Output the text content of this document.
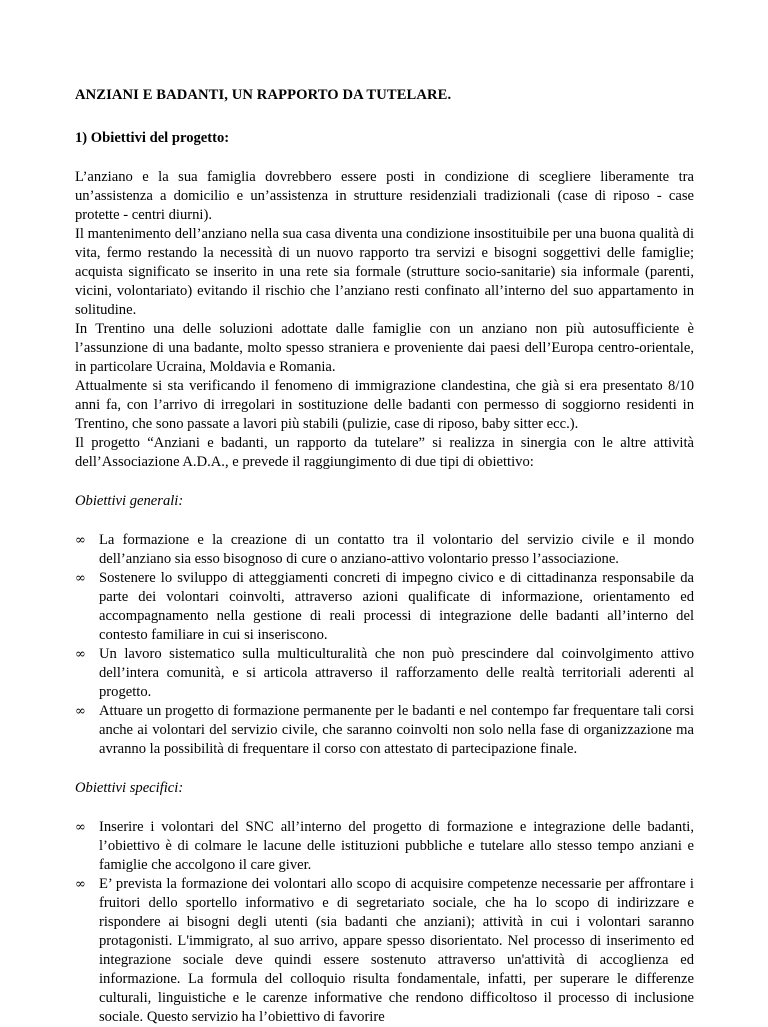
ANZIANI E BADANTI, UN RAPPORTO DA TUTELARE.

1) Obiettivi del progetto:

L’anziano e la sua famiglia dovrebbero essere posti in condizione di scegliere liberamente tra un’assistenza a domicilio e un’assistenza in strutture residenziali tradizionali (case di riposo - case protette - centri diurni).

Il mantenimento dell’anziano nella sua casa diventa una condizione insostituibile per una buona qualità di vita, fermo restando la necessità di un nuovo rapporto tra servizi e bisogni soggettivi delle famiglie; acquista significato se inserito in una rete sia formale (strutture socio-sanitarie) sia informale (parenti, vicini, volontariato) evitando il rischio che l’anziano resti confinato all’interno del suo appartamento in solitudine.

In Trentino una delle soluzioni adottate dalle famiglie con un anziano non più autosufficiente è l’assunzione di una badante, molto spesso straniera e proveniente dai paesi dell’Europa centro-orientale, in particolare Ucraina, Moldavia e Romania.

Attualmente si sta verificando il fenomeno di immigrazione clandestina, che già si era presentato 8/10 anni fa, con l’arrivo di irregolari in sostituzione delle badanti con permesso di soggiorno residenti in Trentino, che sono passate a lavori più stabili (pulizie, case di riposo, baby sitter ecc.).

Il progetto “Anziani e badanti, un rapporto da tutelare” si realizza in sinergia con le altre attività dell’Associazione A.D.A., e prevede il raggiungimento di due tipi di obiettivo:

Obiettivi generali:

∞ La formazione e la creazione di un contatto tra il volontario del servizio civile e il mondo dell’anziano sia esso bisognoso di cure o anziano-attivo volontario presso l’associazione.
∞ Sostenere lo sviluppo di atteggiamenti concreti di impegno civico e di cittadinanza responsabile da parte dei volontari coinvolti, attraverso azioni qualificate di informazione, orientamento ed accompagnamento nella gestione di reali processi di integrazione delle badanti all’interno del contesto familiare in cui si inseriscono.
∞ Un lavoro sistematico sulla multiculturalità che non può prescindere dal coinvolgimento attivo dell’intera comunità, e si articola attraverso il rafforzamento delle realtà territoriali aderenti al progetto.
∞ Attuare un progetto di formazione permanente per le badanti e nel contempo far frequentare tali corsi anche ai volontari del servizio civile, che saranno coinvolti non solo nella fase di organizzazione ma avranno la possibilità di frequentare il corso con attestato di partecipazione finale.

Obiettivi specifici:

∞ Inserire i volontari del SNC all’interno del progetto di formazione e integrazione delle badanti, l’obiettivo è di colmare le lacune delle istituzioni pubbliche e tutelare allo stesso tempo anziani e famiglie che accolgono il care giver.
∞ E’ prevista la formazione dei volontari allo scopo di acquisire competenze necessarie per affrontare i fruitori dello sportello informativo e di segretariato sociale, che ha lo scopo di indirizzare e rispondere ai bisogni degli utenti (sia badanti che anziani); attività in cui i volontari saranno protagonisti. L'immigrato, al suo arrivo, appare spesso disorientato. Nel processo di inserimento ed integrazione sociale deve quindi essere sostenuto attraverso un'attività di accoglienza ed informazione. La formula del colloquio risulta fondamentale, infatti, per superare le differenze culturali, linguistiche e le carenze informative che rendono difficoltoso il processo di inclusione sociale. Questo servizio ha l’obiettivo di favorire
